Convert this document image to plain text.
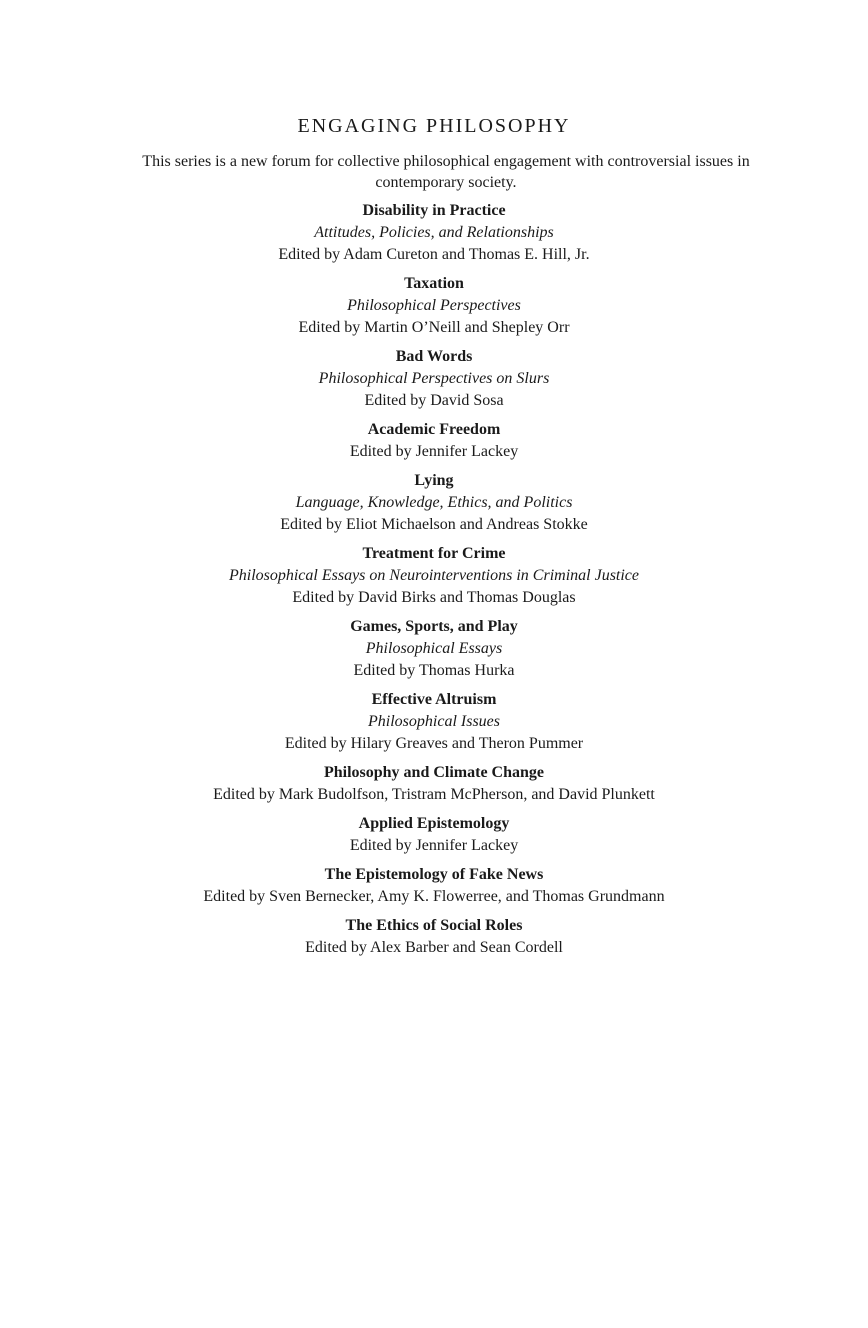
ENGAGING PHILOSOPHY
This series is a new forum for collective philosophical engagement with controversial issues in contemporary society.
Disability in Practice
Attitudes, Policies, and Relationships
Edited by Adam Cureton and Thomas E. Hill, Jr.
Taxation
Philosophical Perspectives
Edited by Martin O’Neill and Shepley Orr
Bad Words
Philosophical Perspectives on Slurs
Edited by David Sosa
Academic Freedom
Edited by Jennifer Lackey
Lying
Language, Knowledge, Ethics, and Politics
Edited by Eliot Michaelson and Andreas Stokke
Treatment for Crime
Philosophical Essays on Neurointerventions in Criminal Justice
Edited by David Birks and Thomas Douglas
Games, Sports, and Play
Philosophical Essays
Edited by Thomas Hurka
Effective Altruism
Philosophical Issues
Edited by Hilary Greaves and Theron Pummer
Philosophy and Climate Change
Edited by Mark Budolfson, Tristram McPherson, and David Plunkett
Applied Epistemology
Edited by Jennifer Lackey
The Epistemology of Fake News
Edited by Sven Bernecker, Amy K. Flowerree, and Thomas Grundmann
The Ethics of Social Roles
Edited by Alex Barber and Sean Cordell
